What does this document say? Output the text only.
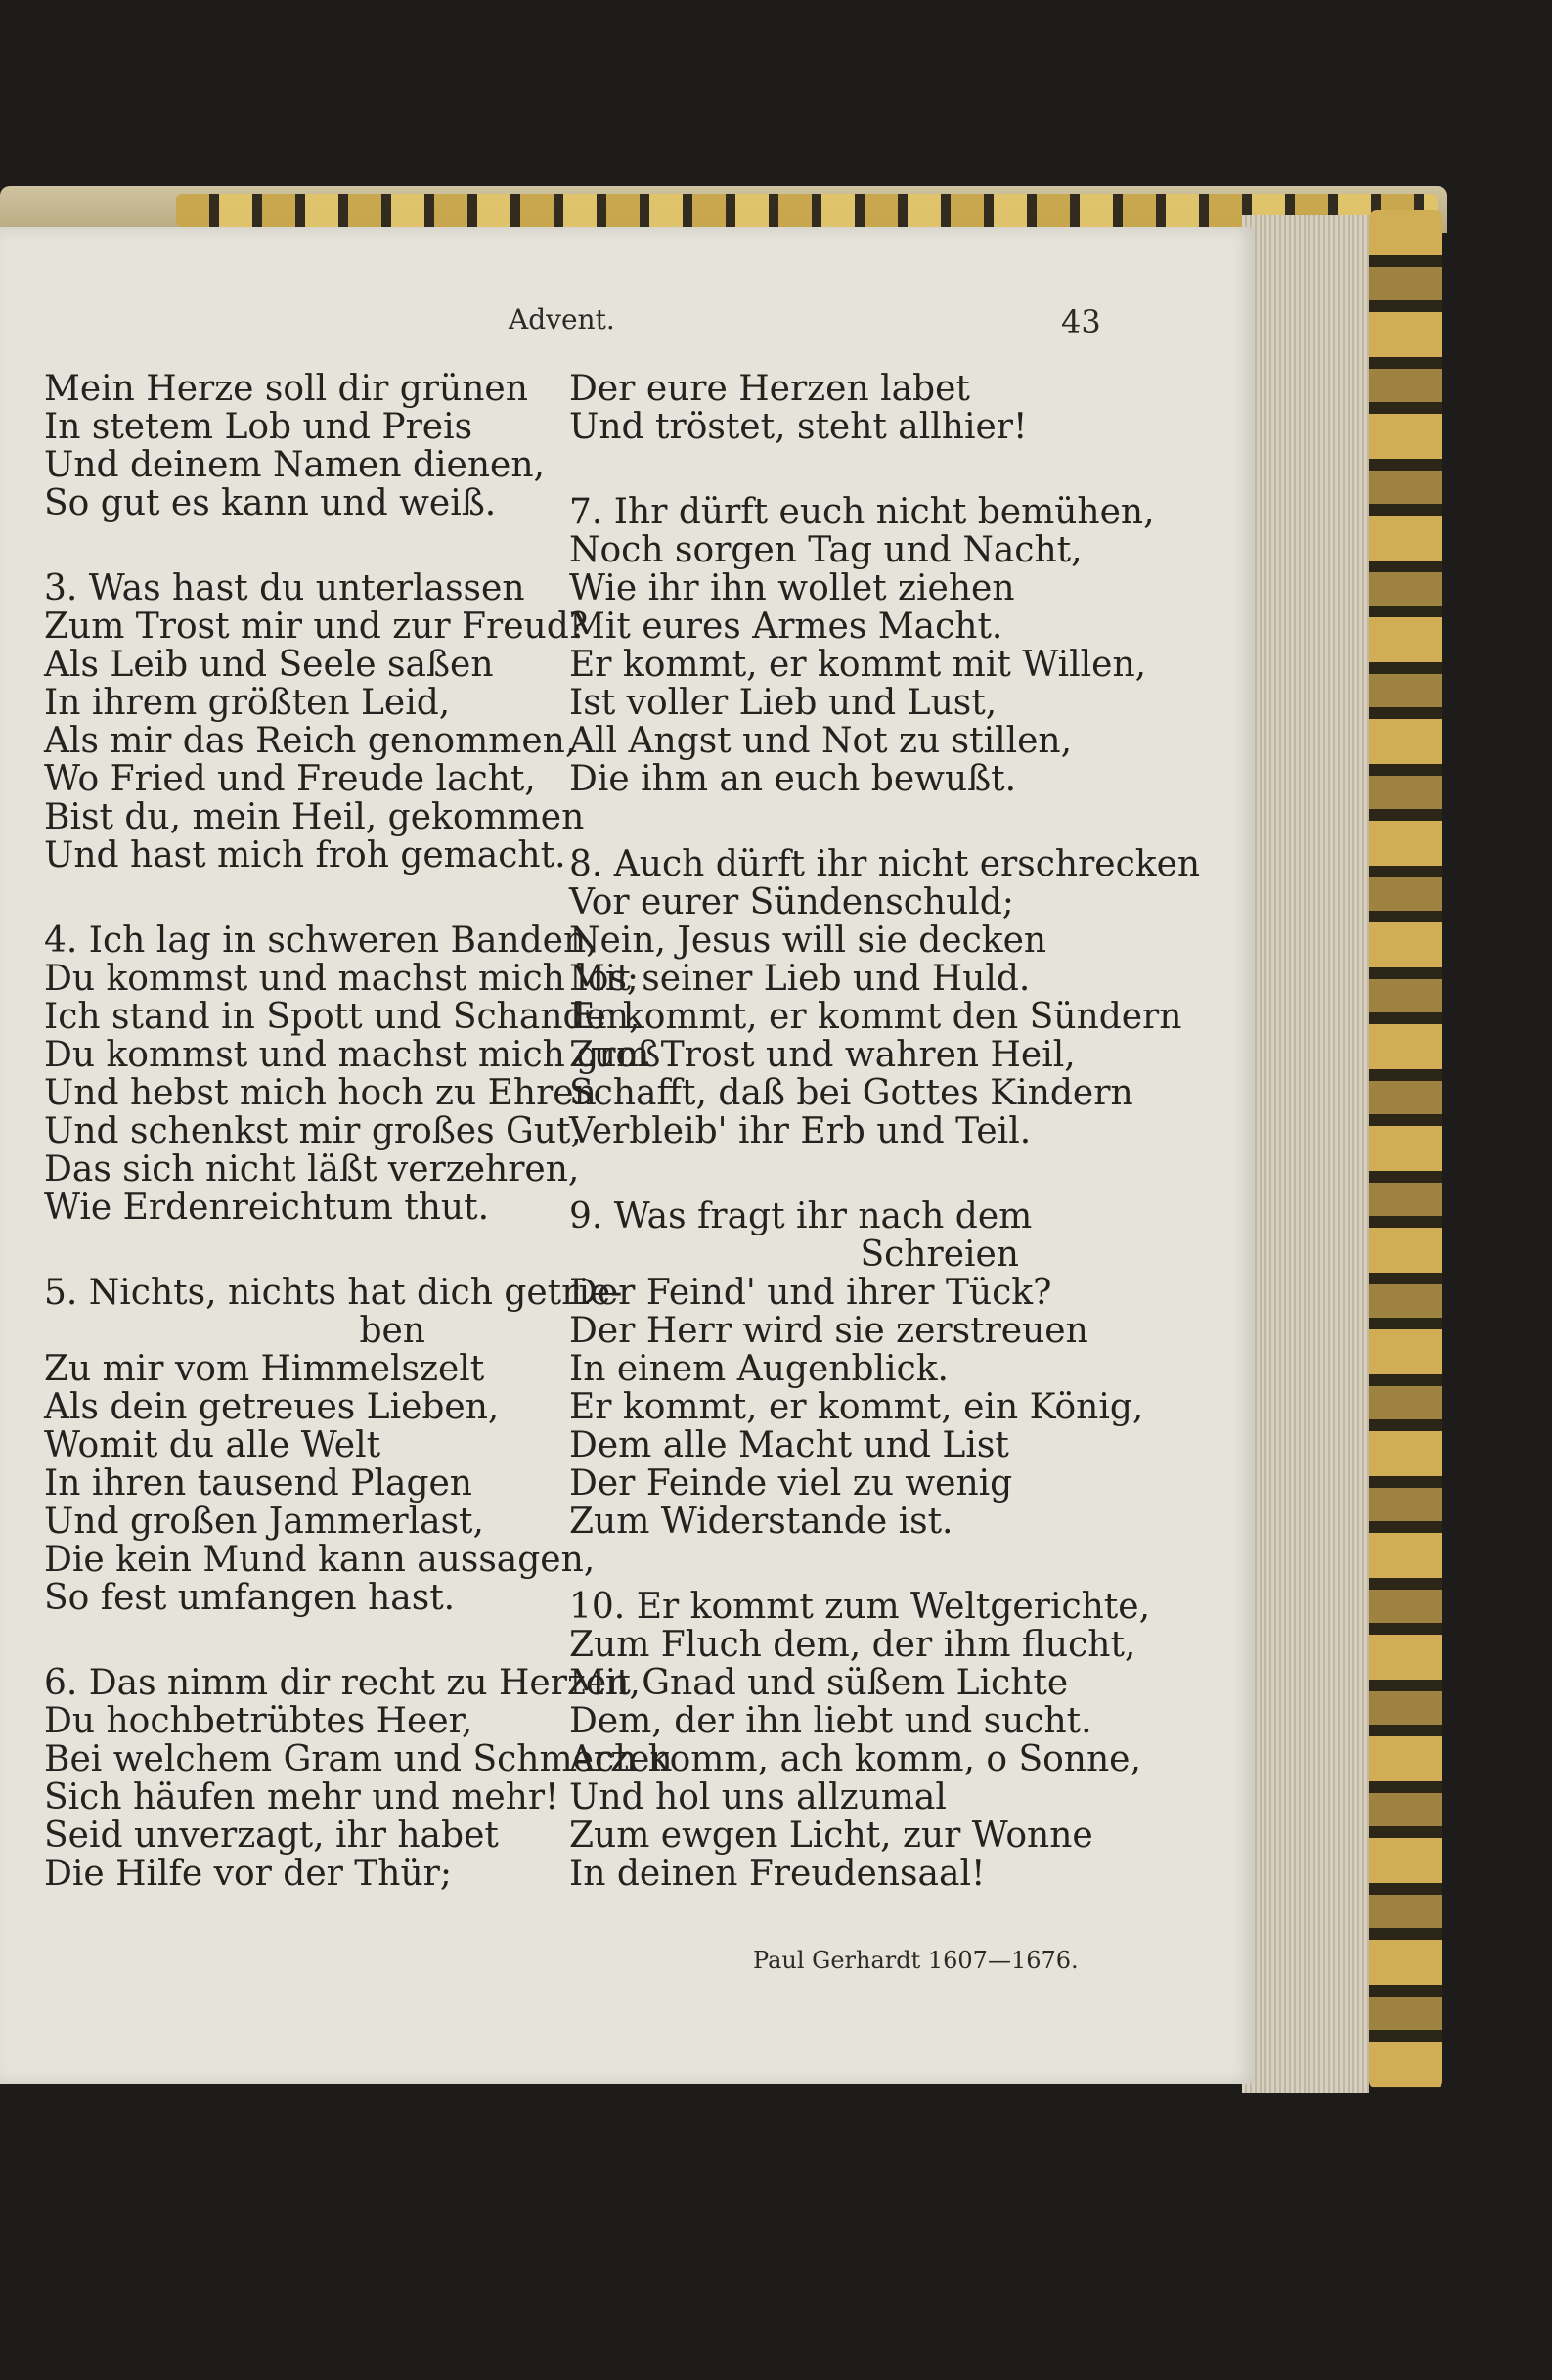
Advent.	43
Mein Herze soll dir grünen
In stetem Lob und Preis
Und deinem Namen dienen,
So gut es kann und weiß.
3. Was hast du unterlassen
Zum Trost mir und zur Freud?
Als Leib und Seele saßen
In ihrem größten Leid,
Als mir das Reich genommen,
Wo Fried und Freude lacht,
Bist du, mein Heil, gekommen
Und hast mich froh gemacht.
4. Ich lag in schweren Banden,
Du kommst und machst mich los;
Ich stand in Spott und Schanden,
Du kommst und machst mich groß
Und hebst mich hoch zu Ehren
Und schenkst mir großes Gut,
Das sich nicht läßt verzehren,
Wie Erdenreichtum thut.
5. Nichts, nichts hat dich getrie-
ben
Zu mir vom Himmelszelt
Als dein getreues Lieben,
Womit du alle Welt
In ihren tausend Plagen
Und großen Jammerlast,
Die kein Mund kann aussagen,
So fest umfangen hast.
6. Das nimm dir recht zu Herzen,
Du hochbetrübtes Heer,
Bei welchem Gram und Schmerzen
Sich häufen mehr und mehr!
Seid unverzagt, ihr habet
Die Hilfe vor der Thür;
Der eure Herzen labet
Und tröstet, steht allhier!
7. Ihr dürft euch nicht bemühen,
Noch sorgen Tag und Nacht,
Wie ihr ihn wollet ziehen
Mit eures Armes Macht.
Er kommt, er kommt mit Willen,
Ist voller Lieb und Lust,
All Angst und Not zu stillen,
Die ihm an euch bewußt.
8. Auch dürft ihr nicht erschrecken
Vor eurer Sündenschuld;
Nein, Jesus will sie decken
Mit seiner Lieb und Huld.
Er kommt, er kommt den Sündern
Zum Trost und wahren Heil,
Schafft, daß bei Gottes Kindern
Verbleib' ihr Erb und Teil.
9. Was fragt ihr nach dem
Schreien
Der Feind' und ihrer Tück?
Der Herr wird sie zerstreuen
In einem Augenblick.
Er kommt, er kommt, ein König,
Dem alle Macht und List
Der Feinde viel zu wenig
Zum Widerstande ist.
10. Er kommt zum Weltgerichte,
Zum Fluch dem, der ihm flucht,
Mit Gnad und süßem Lichte
Dem, der ihn liebt und sucht.
Ach komm, ach komm, o Sonne,
Und hol uns allzumal
Zum ewgen Licht, zur Wonne
In deinen Freudensaal!
Paul Gerhardt 1607—1676.
